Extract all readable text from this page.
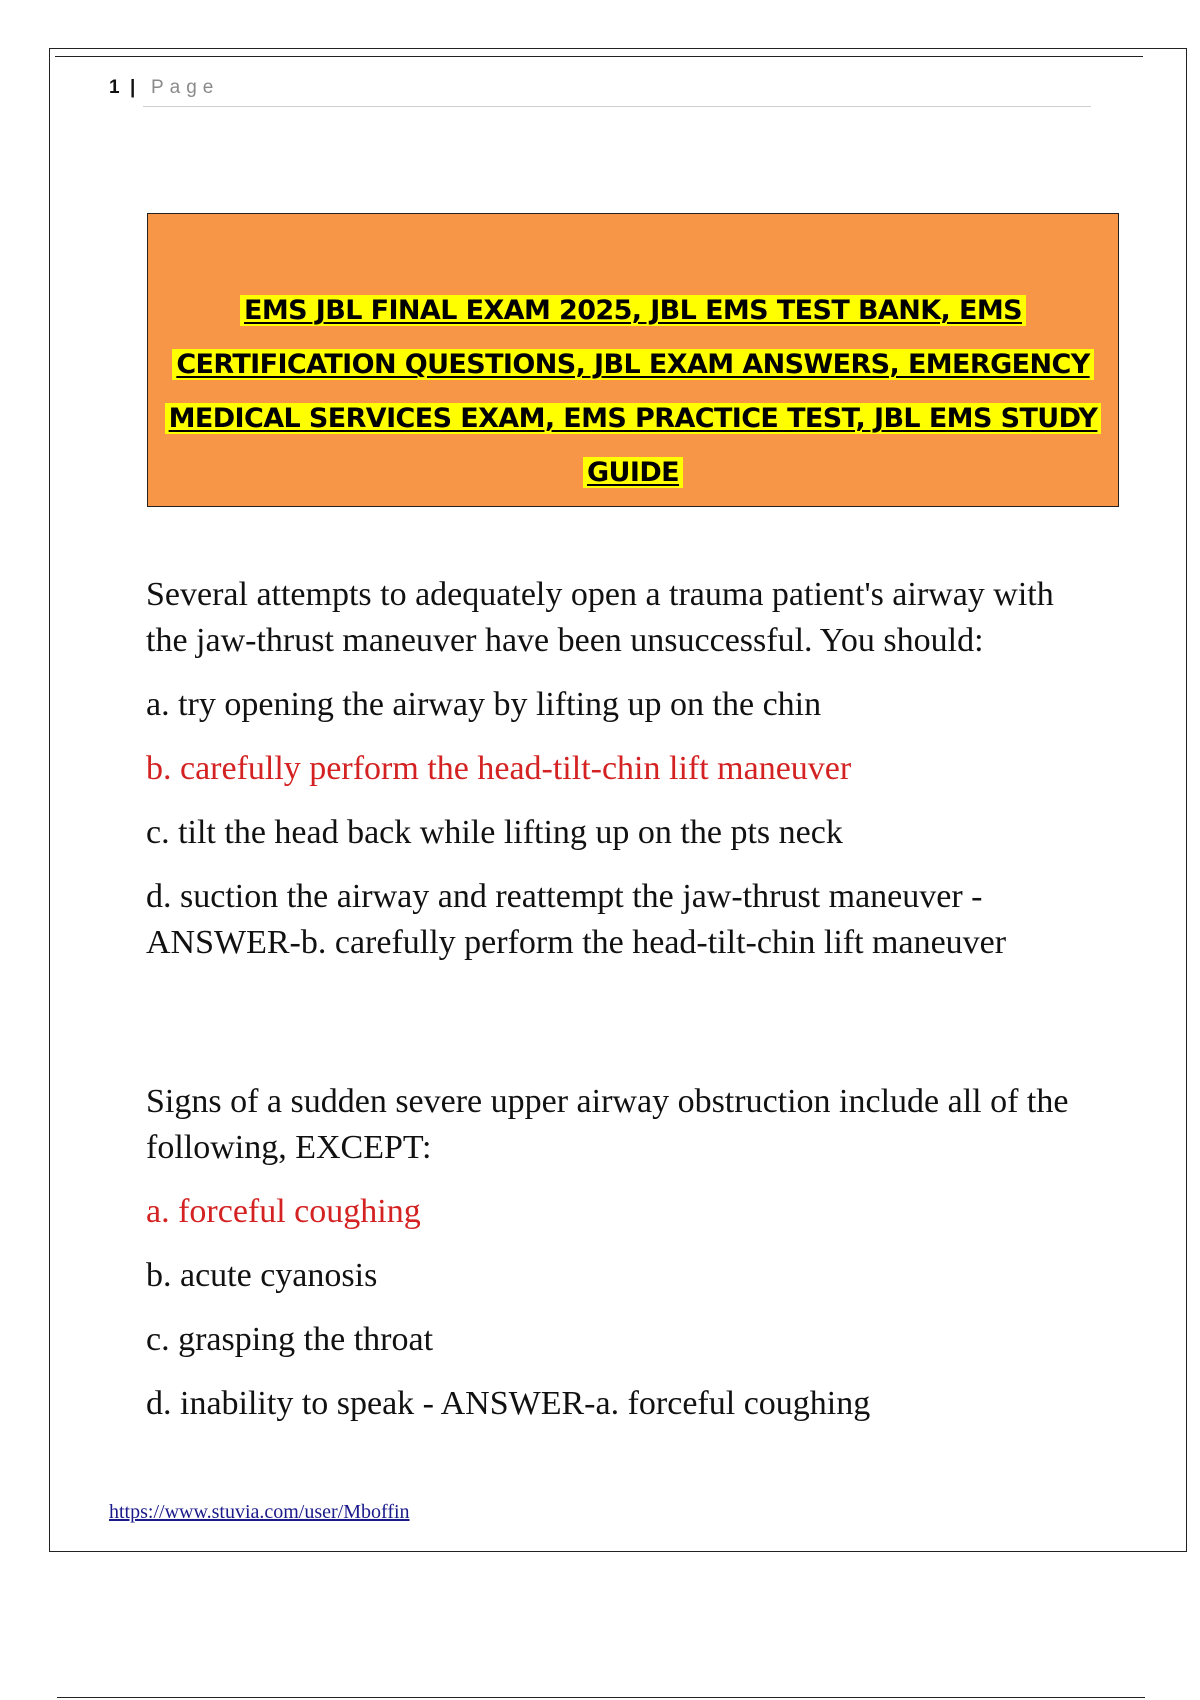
1 | Page
EMS JBL FINAL EXAM 2025, JBL EMS TEST BANK, EMS
CERTIFICATION QUESTIONS, JBL EXAM ANSWERS, EMERGENCY
MEDICAL SERVICES EXAM, EMS PRACTICE TEST, JBL EMS STUDY
GUIDE

Several attempts to adequately open a trauma patient's airway with the jaw-thrust maneuver have been unsuccessful. You should:

a. try opening the airway by lifting up on the chin

b. carefully perform the head-tilt-chin lift maneuver

c. tilt the head back while lifting up on the pts neck

d. suction the airway and reattempt the jaw-thrust maneuver - ANSWER-b. carefully perform the head-tilt-chin lift maneuver

Signs of a sudden severe upper airway obstruction include all of the following, EXCEPT:

a. forceful coughing

b. acute cyanosis

c. grasping the throat

d. inability to speak - ANSWER-a. forceful coughing

https://www.stuvia.com/user/Mboffin
